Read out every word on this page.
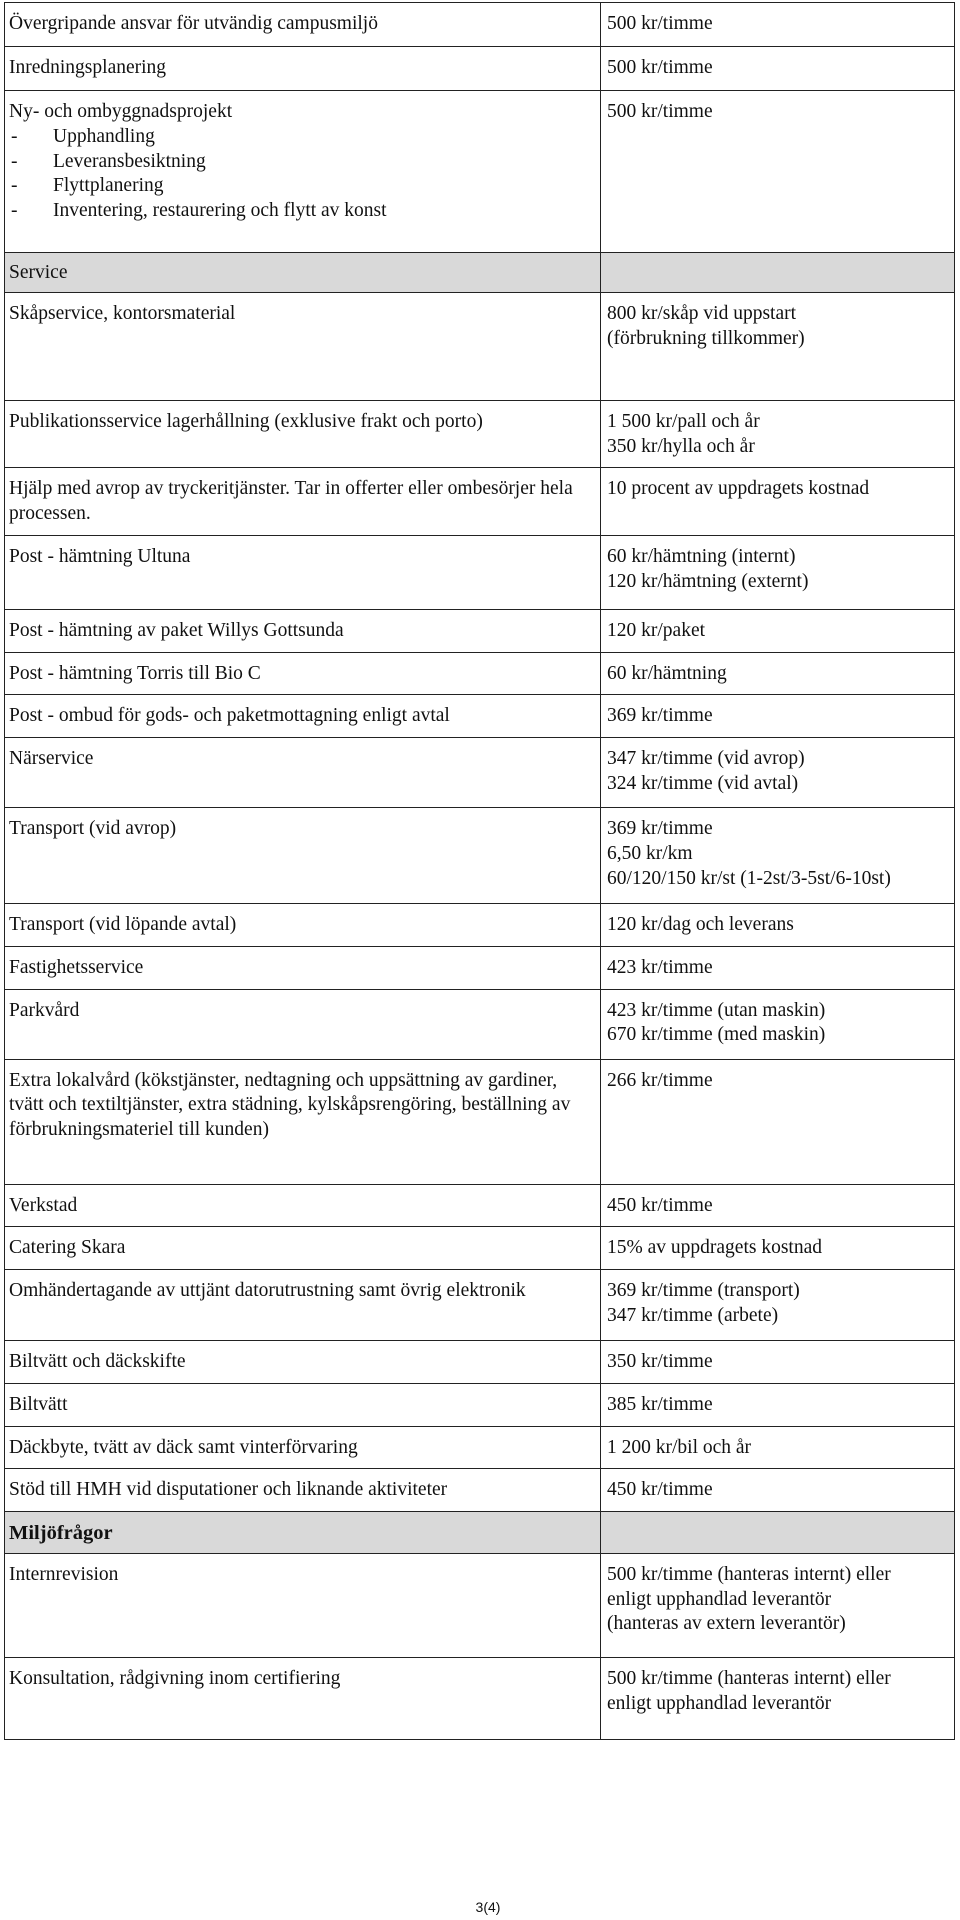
Övergripande ansvar för utvändig campusmiljö	500 kr/timme

Inredningsplanering	500 kr/timme

Ny- och ombyggnadsprojekt
-Upphandling
-Leveransbesiktning
-Flyttplanering
-Inventering, restaurering och flytt av konst	500 kr/timme

Service	

Skåpservice, kontorsmaterial	800 kr/skåp vid uppstart
(förbrukning tillkommer)

Publikationsservice lagerhållning (exklusive frakt och porto)	1 500 kr/pall och år
350 kr/hylla och år

Hjälp med avrop av tryckeritjänster. Tar in offerter eller ombesörjer hela processen.	10 procent av uppdragets kostnad

Post - hämtning Ultuna	60 kr/hämtning (internt)
120 kr/hämtning (externt)

Post - hämtning av paket Willys Gottsunda	120 kr/paket

Post - hämtning Torris till Bio C	60 kr/hämtning

Post - ombud för gods- och paketmottagning enligt avtal	369 kr/timme

Närservice	347 kr/timme (vid avrop)
324 kr/timme (vid avtal)

Transport (vid avrop)	369 kr/timme
6,50 kr/km
60/120/150 kr/st (1-2st/3-5st/6-10st)

Transport (vid löpande avtal)	120 kr/dag och leverans

Fastighetsservice	423 kr/timme

Parkvård	423 kr/timme (utan maskin)
670 kr/timme (med maskin)

Extra lokalvård (kökstjänster, nedtagning och uppsättning av gardiner, tvätt och textiltjänster, extra städning, kylskåpsrengöring, beställning av förbrukningsmateriel till kunden)	266 kr/timme

Verkstad	450 kr/timme

Catering Skara	15% av uppdragets kostnad

Omhändertagande av uttjänt datorutrustning samt övrig elektronik	369 kr/timme (transport)
347 kr/timme (arbete)

Biltvätt och däckskifte	350 kr/timme

Biltvätt	385 kr/timme

Däckbyte, tvätt av däck samt vinterförvaring	1 200 kr/bil och år

Stöd till HMH vid disputationer och liknande aktiviteter	450 kr/timme

Miljöfrågor	

Internrevision	500 kr/timme (hanteras internt) eller
enligt upphandlad leverantör
(hanteras av extern leverantör)

Konsultation, rådgivning inom certifiering	500 kr/timme (hanteras internt) eller
enligt upphandlad leverantör
3(4)
